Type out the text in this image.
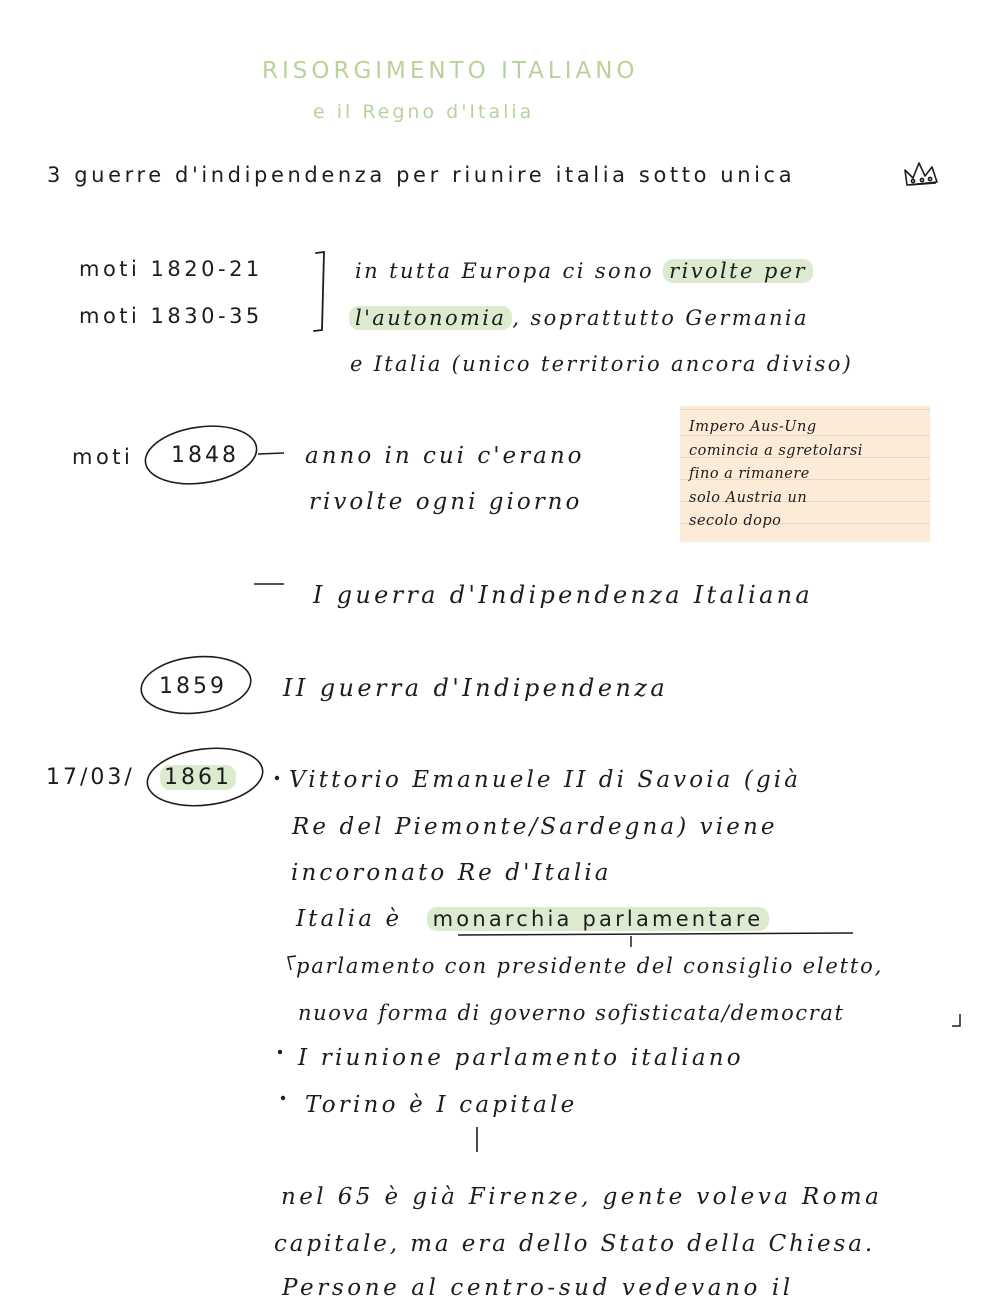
RISORGIMENTO ITALIANO
e il Regno d'Italia
3 guerre d'indipendenza per riunire italia sotto unica
moti 1820-21
moti 1830-35
in tutta Europa ci sono rivolte per
l'autonomia , soprattutto Germania
e Italia (unico territorio ancora diviso)
moti 1848	anno in cui c'erano
rivolte ogni giorno
Impero Aus-Ung
comincia a sgretolarsi
fino a rimanere
solo Austria un
secolo dopo
I guerra d'Indipendenza Italiana
1859 II guerra d'Indipendenza
17/03/ 1861 Vittorio Emanuele II di Savoia (già
Re del Piemonte/Sardegna) viene
incoronato Re d'Italia
Italia è monarchia parlamentare
parlamento con presidente del consiglio eletto,
nuova forma di governo sofisticata/democrat
I riunione parlamento italiano
Torino è I capitale
nel 65 è già Firenze, gente voleva Roma
capitale, ma era dello Stato della Chiesa.
Persone al centro-sud vedevano il
